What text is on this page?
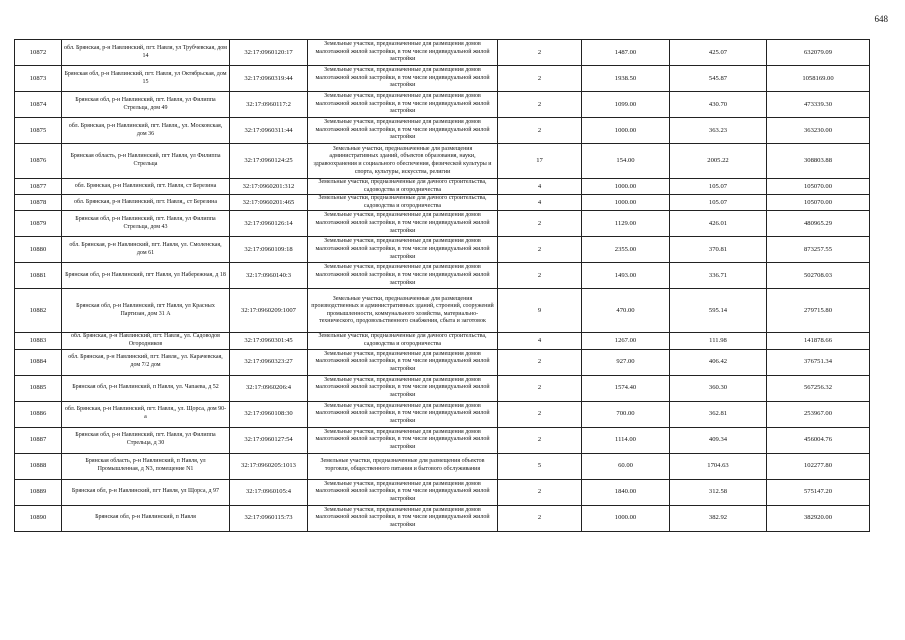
648
10872	обл. Брянская, р-н Навлинский, пгт. Навля, ул Трубчевская, дом 14	32:17:0960120:17	Земельные участки, предназначенные для размещения домов малоэтажной жилой застройки, в том числе индивидуальной жилой застройки	2	1487.00	425.07	632079.09
10873	Брянская обл, р-н Навлинский, пгт. Навля, ул Октябрьская, дом 15	32:17:0960319:44	Земельные участки, предназначенные для размещения домов малоэтажной жилой застройки, в том числе индивидуальной жилой застройки	2	1938.50	545.87	1058169.00
10874	Брянская обл, р-н Навлинский, пгт. Навля, ул Филиппа Стрельца, дом 49	32:17:0960117:2	Земельные участки, предназначенные для размещения домов малоэтажной жилой застройки, в том числе индивидуальной жилой застройки	2	1099.00	430.70	473339.30
10875	обл. Брянская, р-н Навлинский, пгт. Навля,, ул. Московская, дом 36	32:17:0960311:44	Земельные участки, предназначенные для размещения домов малоэтажной жилой застройки, в том числе индивидуальной жилой застройки	2	1000.00	363.23	363230.00
10876	Брянская область, р-н Навлинский, пгт Навля, ул Филиппа Стрельца	32:17:0960124:25	Земельные участки, предназначенные для размещения административных зданий, объектов образования, науки, здравоохранения и социального обеспечения, физической культуры и спорта, культуры, искусства, религии	17	154.00	2005.22	308803.88
10877	обл. Брянская, р-н Навлинский, пгт. Навля, ст Березина	32:17:0960201:312	Земельные участки, предназначенные для дачного строительства, садоводства и огородничества	4	1000.00	105.07	105070.00
10878	обл. Брянская, р-н Навлинский, пгт. Навля,, ст Березина	32:17:0960201:465	Земельные участки, предназначенные для дачного строительства, садоводства и огородничества	4	1000.00	105.07	105070.00
10879	Брянская обл, р-н Навлинский, пгт. Навля, ул Филиппа Стрельца, дом 43	32:17:0960126:14	Земельные участки, предназначенные для размещения домов малоэтажной жилой застройки, в том числе индивидуальной жилой застройки	2	1129.00	426.01	480965.29
10880	обл. Брянская, р-н Навлинский, пгт. Навля, ул. Смоленская, дом 61	32:17:0960109:18	Земельные участки, предназначенные для размещения домов малоэтажной жилой застройки, в том числе индивидуальной жилой застройки	2	2355.00	370.81	873257.55
10881	Брянская обл, р-н Навлинский, пгт Навля, ул Набережная, д 18	32:17:0960140:3	Земельные участки, предназначенные для размещения домов малоэтажной жилой застройки, в том числе индивидуальной жилой застройки	2	1493.00	336.71	502708.03
10882	Брянская обл, р-н Навлинский, пгт Навля, ул Красных Партизан, дом 31 А	32:17:0960209:1007	Земельные участки, предназначенные для размещения производственных и административных зданий, строений, сооружений промышленности, коммунального хозяйства, материально-технического, продовольственного снабжения, сбыта и заготовок	9	470.00	595.14	279715.80
10883	обл. Брянская, р-н Навлинский, пгт. Навля,, ул. Садоводов Огородников	32:17:0960301:45	Земельные участки, предназначенные для дачного строительства, садоводства и огородничества	4	1267.00	111.98	141878.66
10884	обл. Брянская, р-н Навлинский, пгт. Навля,, ул. Карачевская, дом 7/2 дом	32:17:0960323:27	Земельные участки, предназначенные для размещения домов малоэтажной жилой застройки, в том числе индивидуальной жилой застройки	2	927.00	406.42	376751.34
10885	Брянская обл, р-н Навлинский, п Навля, ул. Чапаева, д 52	32:17:0960206:4	Земельные участки, предназначенные для размещения домов малоэтажной жилой застройки, в том числе индивидуальной жилой застройки	2	1574.40	360.30	567256.32
10886	обл. Брянская, р-н Навлинский, пгт. Навля,, ул. Щорса, дом 90-а	32:17:0960108:30	Земельные участки, предназначенные для размещения домов малоэтажной жилой застройки, в том числе индивидуальной жилой застройки	2	700.00	362.81	253967.00
10887	Брянская обл, р-н Навлинский, пгт. Навля, ул Филиппа Стрельца, д 30	32:17:0960127:54	Земельные участки, предназначенные для размещения домов малоэтажной жилой застройки, в том числе индивидуальной жилой застройки	2	1114.00	409.34	456004.76
10888	Брянская область, р-н Навлинский, п Навля, ул Промышленная, д N3, помещение N1	32:17:0960205:1013	Земельные участки, предназначенные для размещения объектов торговли, общественного питания и бытового обслуживания	5	60.00	1704.63	102277.80
10889	Брянская обл, р-н Навлинский, пгт Навля, ул Щорса, д 97	32:17:0960105:4	Земельные участки, предназначенные для размещения домов малоэтажной жилой застройки, в том числе индивидуальной жилой застройки	2	1840.00	312.58	575147.20
10890	Брянская обл, р-н Навлинский, п Навля	32:17:0960115:73	Земельные участки, предназначенные для размещения домов малоэтажной жилой застройки, в том числе индивидуальной жилой застройки	2	1000.00	382.92	382920.00
